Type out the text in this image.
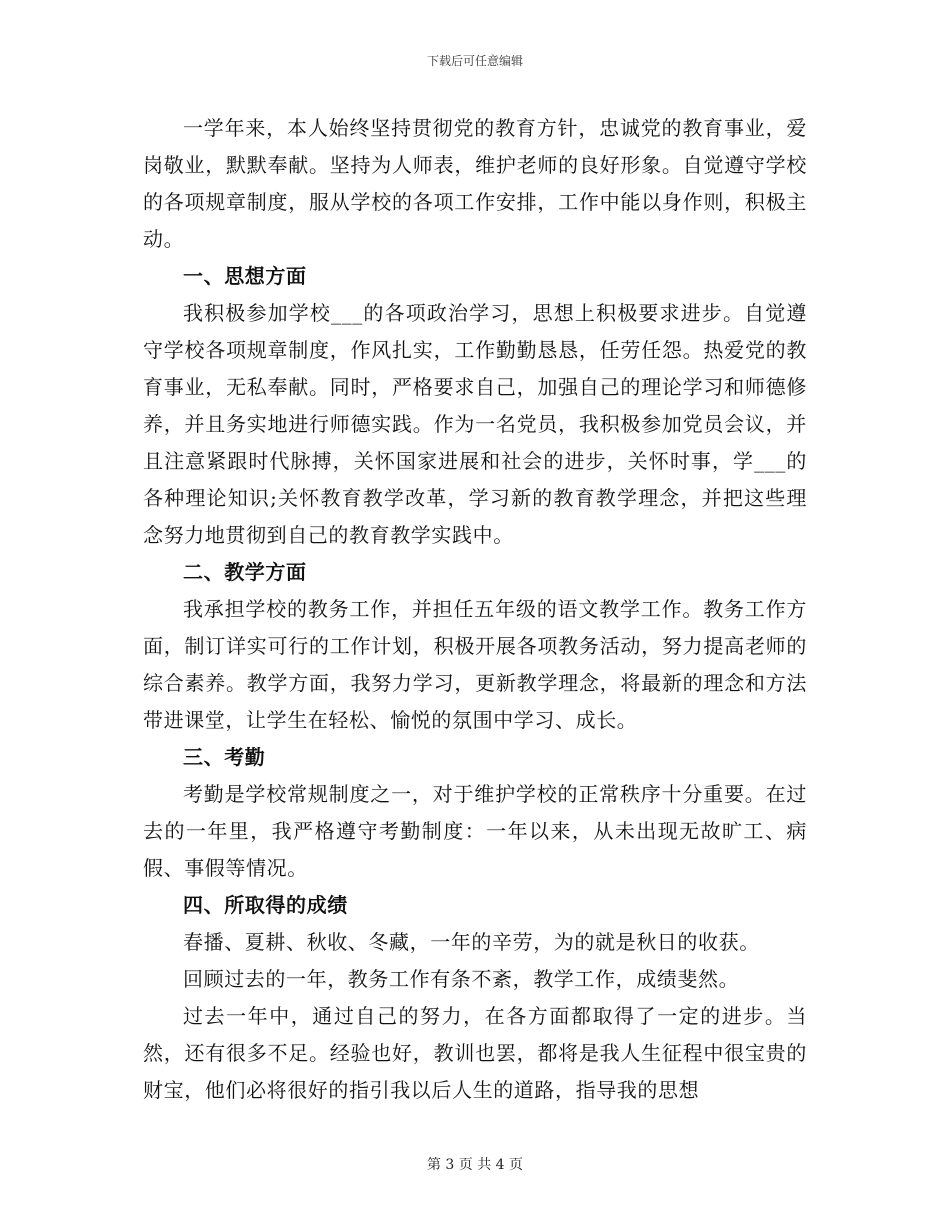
下载后可任意编辑

一学年来，本人始终坚持贯彻党的教育方针，忠诚党的教育事业，爱岗敬业，默默奉献。坚持为人师表，维护老师的良好形象。自觉遵守学校的各项规章制度，服从学校的各项工作安排，工作中能以身作则，积极主动。

一、思想方面

我积极参加学校___的各项政治学习，思想上积极要求进步。自觉遵守学校各项规章制度，作风扎实，工作勤勤恳恳，任劳任怨。热爱党的教育事业，无私奉献。同时，严格要求自己，加强自己的理论学习和师德修养，并且务实地进行师德实践。作为一名党员，我积极参加党员会议，并且注意紧跟时代脉搏，关怀国家进展和社会的进步，关怀时事，学___的各种理论知识;关怀教育教学改革，学习新的教育教学理念，并把这些理念努力地贯彻到自己的教育教学实践中。

二、教学方面

我承担学校的教务工作，并担任五年级的语文教学工作。教务工作方面，制订详实可行的工作计划，积极开展各项教务活动，努力提高老师的综合素养。教学方面，我努力学习，更新教学理念，将最新的理念和方法带进课堂，让学生在轻松、愉悦的氛围中学习、成长。

三、考勤

考勤是学校常规制度之一，对于维护学校的正常秩序十分重要。在过去的一年里，我严格遵守考勤制度：一年以来，从未出现无故旷工、病假、事假等情况。

四、所取得的成绩

春播、夏耕、秋收、冬藏，一年的辛劳，为的就是秋日的收获。

回顾过去的一年，教务工作有条不紊，教学工作，成绩斐然。

过去一年中，通过自己的努力，在各方面都取得了一定的进步。当然，还有很多不足。经验也好，教训也罢，都将是我人生征程中很宝贵的财宝，他们必将很好的指引我以后人生的道路，指导我的思想

第 3 页 共 4 页
